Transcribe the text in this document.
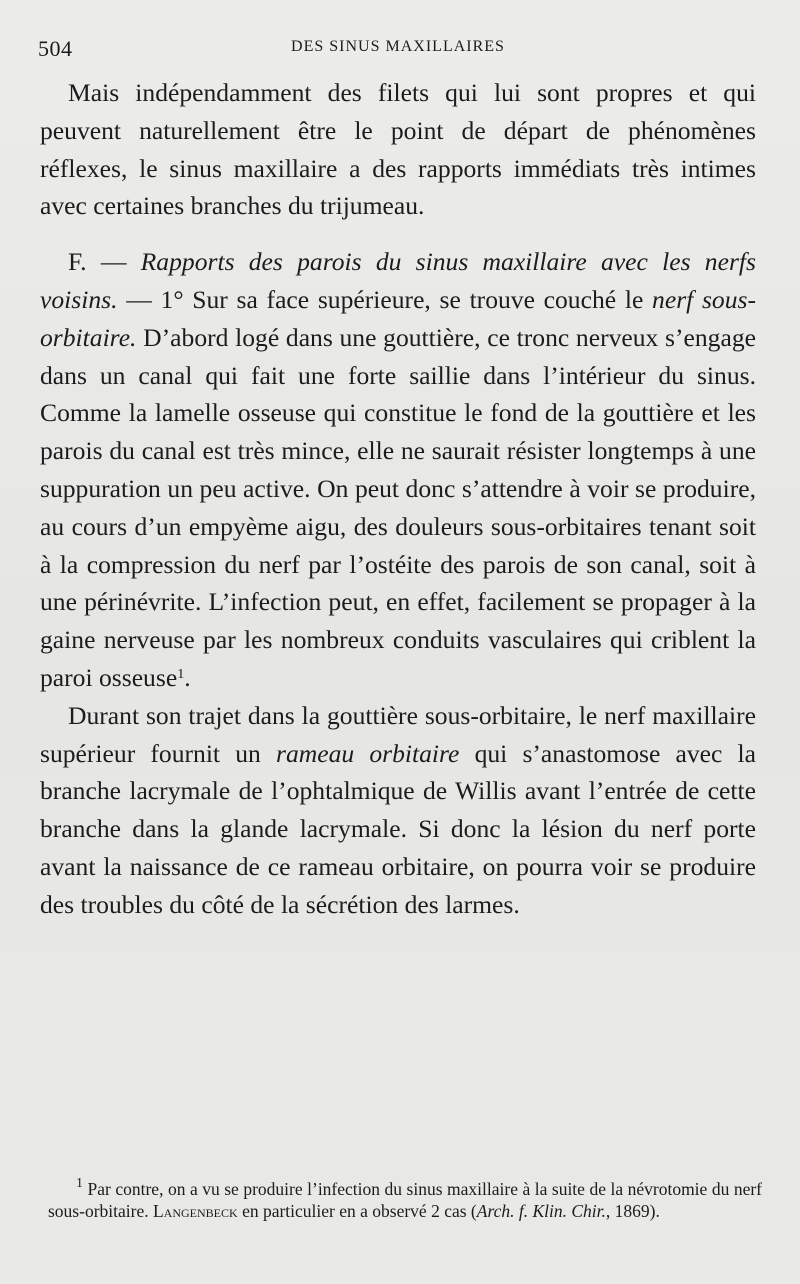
504	DES SINUS MAXILLAIRES

Mais indépendamment des filets qui lui sont propres et qui peuvent naturellement être le point de départ de phénomènes réflexes, le sinus maxillaire a des rapports immédiats très intimes avec certaines branches du trijumeau.

F. — Rapports des parois du sinus maxillaire avec les nerfs voisins. — 1° Sur sa face supérieure, se trouve couché le nerf sous-orbitaire. D’abord logé dans une gouttière, ce tronc nerveux s’engage dans un canal qui fait une forte saillie dans l’intérieur du sinus. Comme la lamelle osseuse qui constitue le fond de la gouttière et les parois du canal est très mince, elle ne saurait résister longtemps à une suppuration un peu active. On peut donc s’attendre à voir se produire, au cours d’un empyème aigu, des douleurs sous-orbitaires tenant soit à la compression du nerf par l’ostéite des parois de son canal, soit à une périnévrite. L’infection peut, en effet, facilement se propager à la gaine nerveuse par les nombreux conduits vasculaires qui criblent la paroi osseuse$^1$.

Durant son trajet dans la gouttière sous-orbitaire, le nerf maxillaire supérieur fournit un rameau orbitaire qui s’anastomose avec la branche lacrymale de l’ophtalmique de Willis avant l’entrée de cette branche dans la glande lacrymale. Si donc la lésion du nerf porte avant la naissance de ce rameau orbitaire, on pourra voir se produire des troubles du côté de la sécrétion des larmes.

$^1$ Par contre, on a vu se produire l’infection du sinus maxillaire à la suite de la névrotomie du nerf sous-orbitaire. Langenbeck en particulier en a observé 2 cas (Arch. f. Klin. Chir., 1869).
